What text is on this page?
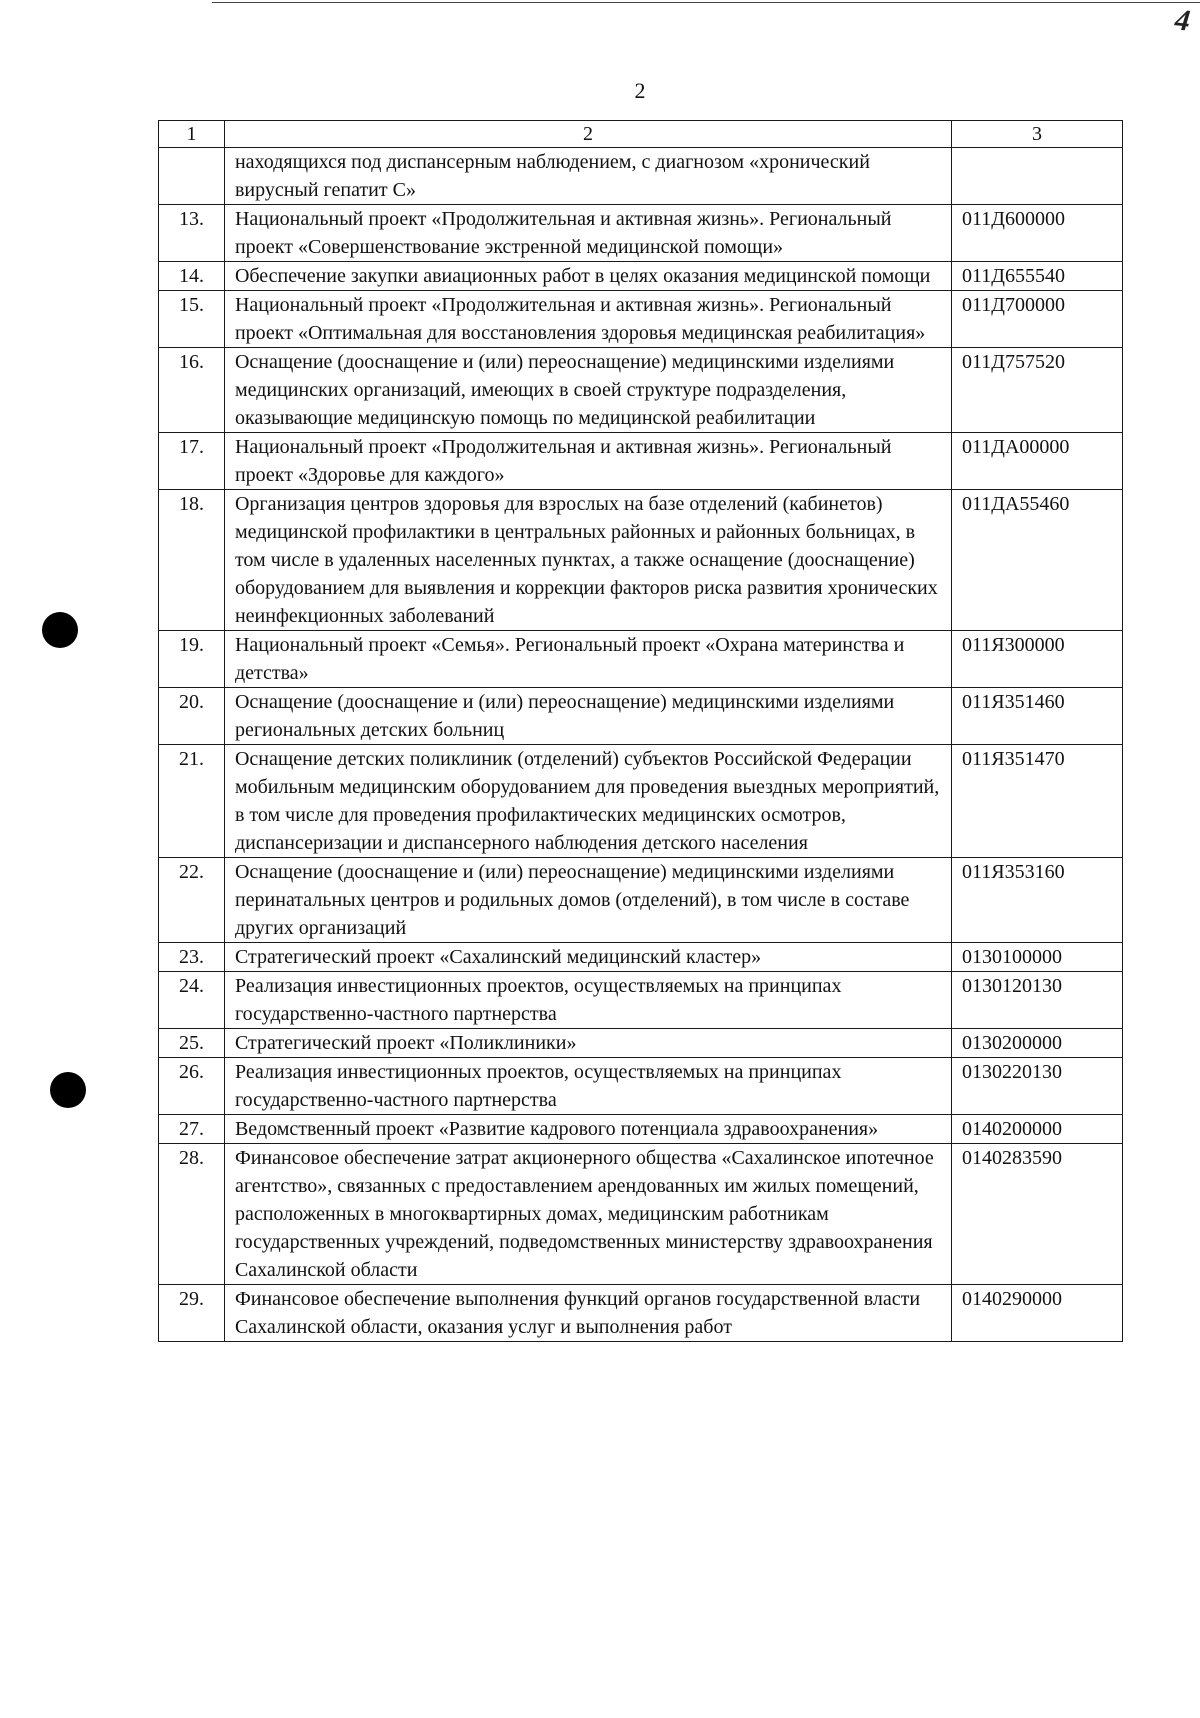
4
2
1	2	3
	находящихся под диспансерным наблюдением, с диагнозом «хронический вирусный гепатит С»	
13.	Национальный проект «Продолжительная и активная жизнь». Региональный проект «Совершенствование экстренной медицинской помощи»	011Д600000
14.	Обеспечение закупки авиационных работ в целях оказания медицинской помощи	011Д655540
15.	Национальный проект «Продолжительная и активная жизнь». Региональный проект «Оптимальная для восстановления здоровья медицинская реабилитация»	011Д700000
16.	Оснащение (дооснащение и (или) переоснащение) медицинскими изделиями медицинских организаций, имеющих в своей структуре подразделения, оказывающие медицинскую помощь по медицинской реабилитации	011Д757520
17.	Национальный проект «Продолжительная и активная жизнь». Региональный проект «Здоровье для каждого»	011ДА00000
18.	Организация центров здоровья для взрослых на базе отделений (кабинетов) медицинской профилактики в центральных районных и районных больницах, в том числе в удаленных населенных пунктах, а также оснащение (дооснащение) оборудованием для выявления и коррекции факторов риска развития хронических неинфекционных заболеваний	011ДА55460
19.	Национальный проект «Семья». Региональный проект «Охрана материнства и детства»	011Я300000
20.	Оснащение (дооснащение и (или) переоснащение) медицинскими изделиями региональных детских больниц	011Я351460
21.	Оснащение детских поликлиник (отделений) субъектов Российской Федерации мобильным медицинским оборудованием для проведения выездных мероприятий, в том числе для проведения профилактических медицинских осмотров, диспансеризации и диспансерного наблюдения детского населения	011Я351470
22.	Оснащение (дооснащение и (или) переоснащение) медицинскими изделиями перинатальных центров и родильных домов (отделений), в том числе в составе других организаций	011Я353160
23.	Стратегический проект «Сахалинский медицинский кластер»	0130100000
24.	Реализация инвестиционных проектов, осуществляемых на принципах государственно-частного партнерства	0130120130
25.	Стратегический проект «Поликлиники»	0130200000
26.	Реализация инвестиционных проектов, осуществляемых на принципах государственно-частного партнерства	0130220130
27.	Ведомственный проект «Развитие кадрового потенциала здравоохранения»	0140200000
28.	Финансовое обеспечение затрат акционерного общества «Сахалинское ипотечное агентство», связанных с предоставлением арендованных им жилых помещений, расположенных в многоквартирных домах, медицинским работникам государственных учреждений, подведомственных министерству здравоохранения Сахалинской области	0140283590
29.	Финансовое обеспечение выполнения функций органов государственной власти Сахалинской области, оказания услуг и выполнения работ	0140290000
